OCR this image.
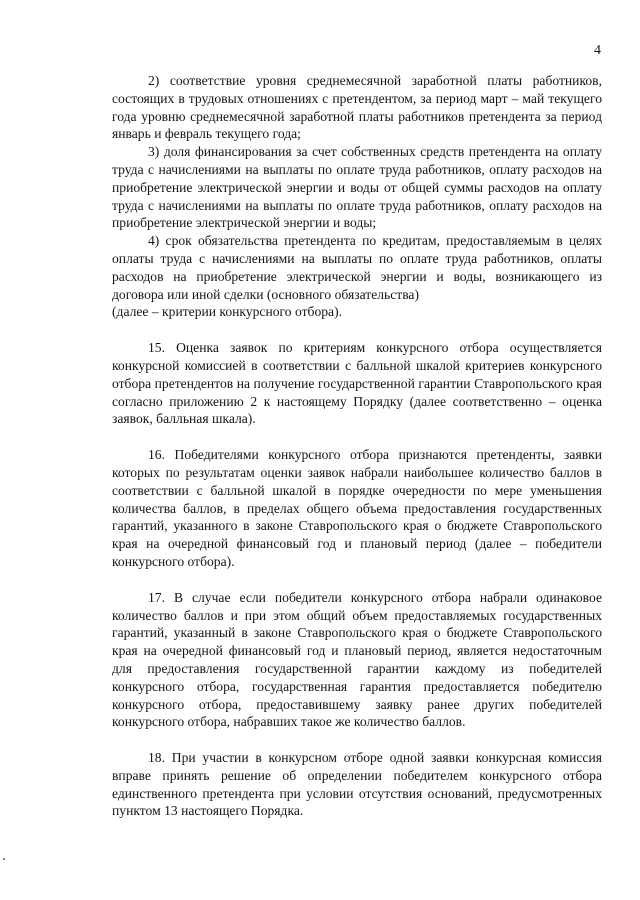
4

2) соответствие уровня среднемесячной заработной платы работников, состоящих в трудовых отношениях с претендентом, за период март – май текущего года уровню среднемесячной заработной платы работников претендента за период январь и февраль текущего года;

3) доля финансирования за счет собственных средств претендента на оплату труда с начислениями на выплаты по оплате труда работников, оплату расходов на приобретение электрической энергии и воды от общей суммы расходов на оплату труда с начислениями на выплаты по оплате труда работников, оплату расходов на приобретение электрической энергии и воды;

4) срок обязательства претендента по кредитам, предоставляемым в целях оплаты труда с начислениями на выплаты по оплате труда работников, оплаты расходов на приобретение электрической энергии и воды, возникающего из договора или иной сделки (основного обязательства)

(далее – критерии конкурсного отбора).

15. Оценка заявок по критериям конкурсного отбора осуществляется конкурсной комиссией в соответствии с балльной шкалой критериев конкурсного отбора претендентов на получение государственной гарантии Ставропольского края согласно приложению 2 к настоящему Порядку (далее соответственно – оценка заявок, балльная шкала).

16. Победителями конкурсного отбора признаются претенденты, заявки которых по результатам оценки заявок набрали наибольшее количество баллов в соответствии с балльной шкалой в порядке очередности по мере уменьшения количества баллов, в пределах общего объема предоставления государственных гарантий, указанного в законе Ставропольского края о бюджете Ставропольского края на очередной финансовый год и плановый период (далее – победители конкурсного отбора).

17. В случае если победители конкурсного отбора набрали одинаковое количество баллов и при этом общий объем предоставляемых государственных гарантий, указанный в законе Ставропольского края о бюджете Ставропольского края на очередной финансовый год и плановый период, является недостаточным для предоставления государственной гарантии каждому из победителей конкурсного отбора, государственная гарантия предоставляется победителю конкурсного отбора, предоставившему заявку ранее других победителей конкурсного отбора, набравших такое же количество баллов.

18. При участии в конкурсном отборе одной заявки конкурсная комиссия вправе принять решение об определении победителем конкурсного отбора единственного претендента при условии отсутствия оснований, предусмотренных пунктом 13 настоящего Порядка.
